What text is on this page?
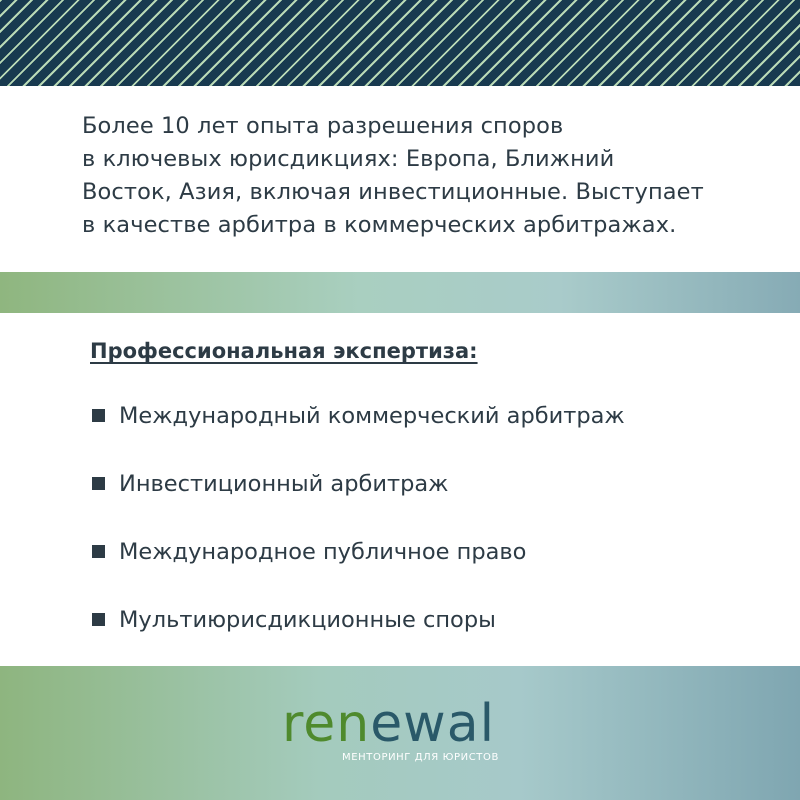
Более 10 лет опыта разрешения споров
в ключевых юрисдикциях: Европа, Ближний
Восток, Азия, включая инвестиционные. Выступает
в качестве арбитра в коммерческих арбитражах.

Профессиональная экспертиза:
Международный коммерческий арбитраж
Инвестиционный арбитраж
Международное публичное право
Мультиюрисдикционные споры
renewal
МЕНТОРИНГ ДЛЯ ЮРИСТОВ
